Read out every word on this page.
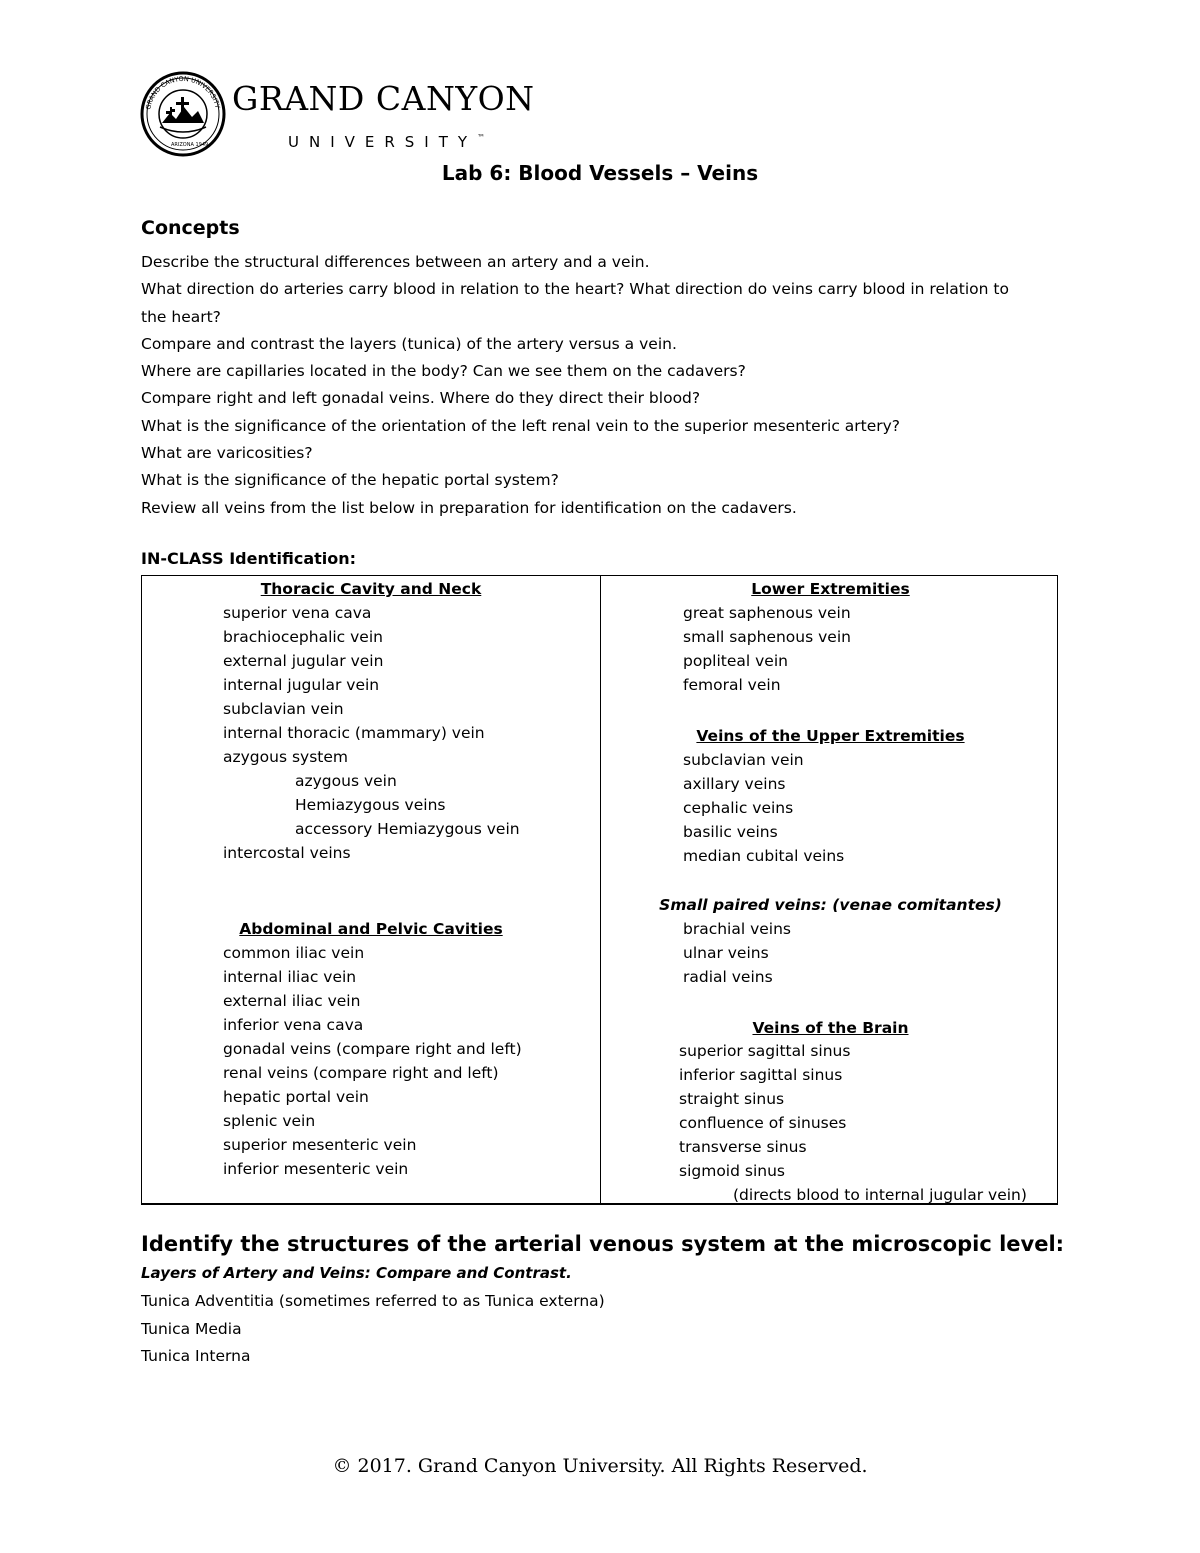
GRAND CANYON UNIVERSITY
ARIZONA 1949
GRAND CANYON
UNIVERSITY™
Lab 6: Blood Vessels – Veins
Concepts
Describe the structural differences between an artery and a vein.
What direction do arteries carry blood in relation to the heart? What direction do veins carry blood in relation to
the heart?
Compare and contrast the layers (tunica) of the artery versus a vein.
Where are capillaries located in the body? Can we see them on the cadavers?
Compare right and left gonadal veins. Where do they direct their blood?
What is the significance of the orientation of the left renal vein to the superior mesenteric artery?
What are varicosities?
What is the significance of the hepatic portal system?
Review all veins from the list below in preparation for identification on the cadavers.
IN-CLASS Identification:
Thoracic Cavity and Neck
superior vena cava
brachiocephalic vein
external jugular vein
internal jugular vein
subclavian vein
internal thoracic (mammary) vein
azygous system
azygous vein
Hemiazygous veins
accessory Hemiazygous vein
intercostal veins
Abdominal and Pelvic Cavities
common iliac vein
internal iliac vein
external iliac vein
inferior vena cava
gonadal veins (compare right and left)
renal veins (compare right and left)
hepatic portal vein
splenic vein
superior mesenteric vein
inferior mesenteric vein
Lower Extremities
great saphenous vein
small saphenous vein
popliteal vein
femoral vein
Veins of the Upper Extremities
subclavian vein
axillary veins
cephalic veins
basilic veins
median cubital veins
Small paired veins: (venae comitantes)
brachial veins
ulnar veins
radial veins
Veins of the Brain
superior sagittal sinus
inferior sagittal sinus
straight sinus
confluence of sinuses
transverse sinus
sigmoid sinus
(directs blood to internal jugular vein)
Identify the structures of the arterial venous system at the microscopic level:
Layers of Artery and Veins: Compare and Contrast.
Tunica Adventitia (sometimes referred to as Tunica externa)
Tunica Media
Tunica Interna
© 2017. Grand Canyon University. All Rights Reserved.
